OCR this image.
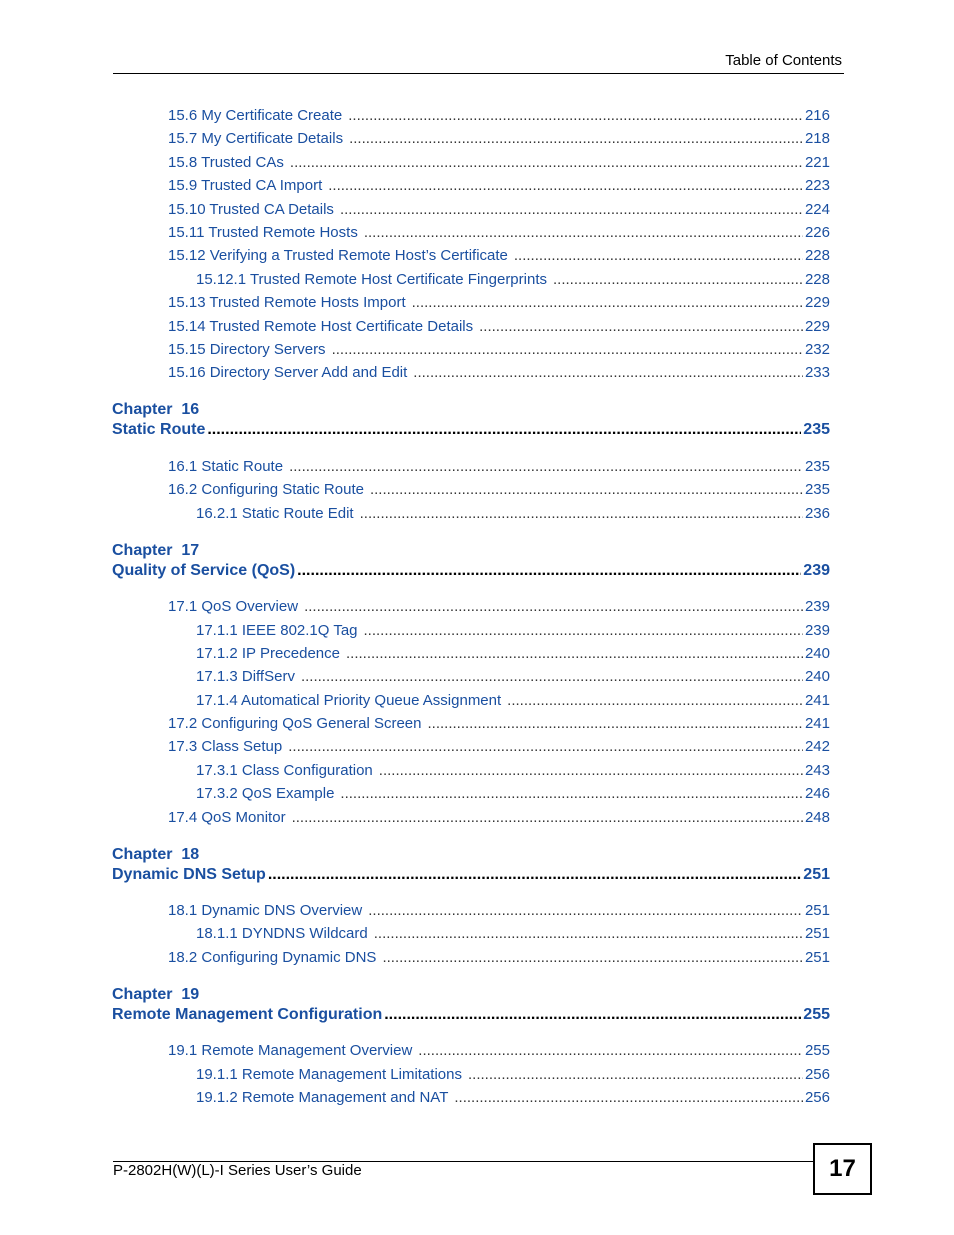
Table of Contents
15.6 My Certificate Create .....	216
15.7 My Certificate Details .....	218
15.8 Trusted CAs .....	221
15.9 Trusted CA Import .....	223
15.10 Trusted CA Details .....	224
15.11 Trusted Remote Hosts .....	226
15.12 Verifying a Trusted Remote Host’s Certificate .....	228
15.12.1 Trusted Remote Host Certificate Fingerprints .....	228
15.13 Trusted Remote Hosts Import .....	229
15.14 Trusted Remote Host Certificate Details .....	229
15.15 Directory Servers .....	232
15.16 Directory Server Add and Edit .....	233
Chapter  16
Static Route .....	235
16.1 Static Route .....	235
16.2 Configuring Static Route .....	235
16.2.1 Static Route Edit .....	236
Chapter  17
Quality of Service (QoS) .....	239
17.1 QoS Overview .....	239
17.1.1 IEEE 802.1Q Tag .....	239
17.1.2 IP Precedence .....	240
17.1.3 DiffServ .....	240
17.1.4 Automatical Priority Queue Assignment .....	241
17.2 Configuring QoS General Screen .....	241
17.3 Class Setup .....	242
17.3.1 Class Configuration .....	243
17.3.2 QoS Example .....	246
17.4 QoS Monitor .....	248
Chapter  18
Dynamic DNS Setup .....	251
18.1 Dynamic DNS Overview .....	251
18.1.1 DYNDNS Wildcard .....	251
18.2 Configuring Dynamic DNS .....	251
Chapter  19
Remote Management Configuration .....	255
19.1 Remote Management Overview .....	255
19.1.1 Remote Management Limitations .....	256
19.1.2 Remote Management and NAT .....	256
P-2802H(W)(L)-I Series User’s Guide	17
